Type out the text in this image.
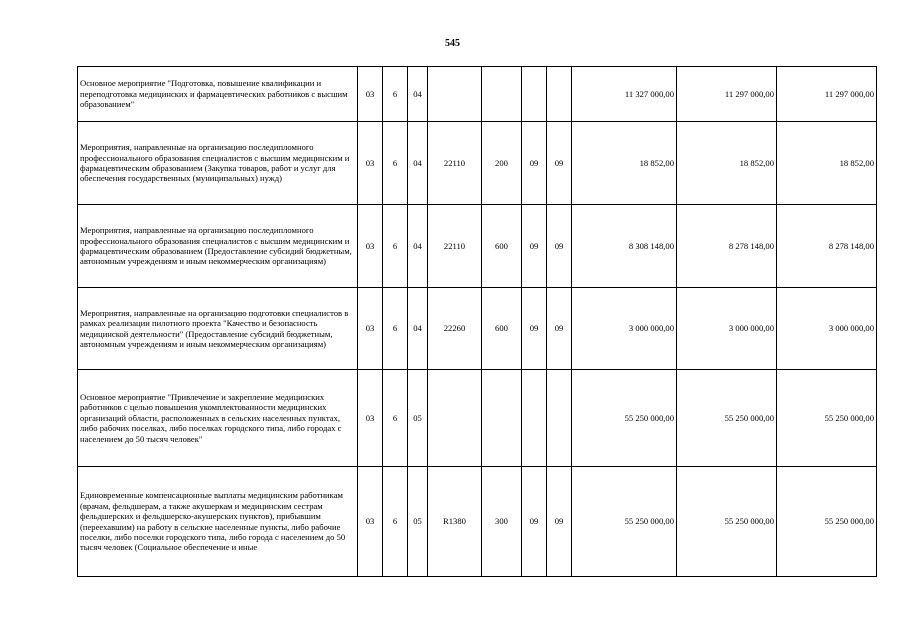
545
Основное мероприятие "Подготовка, повышение квалификации и переподготовка медицинских и фармацевтических работников с высшим образованием"	03	6	04					11 327 000,00	11 297 000,00	11 297 000,00
Мероприятия, направленные на организацию последипломного профессионального образования специалистов с высшим медицинским и фармацевтическим образованием (Закупка товаров, работ и услуг для обеспечения государственных (муниципальных) нужд)	03	6	04	22110	200	09	09	18 852,00	18 852,00	18 852,00
Мероприятия, направленные на организацию последипломного профессионального образования специалистов с высшим медицинским и фармацевтическим образованием (Предоставление субсидий бюджетным, автономным учреждениям и иным некоммерческим организациям)	03	6	04	22110	600	09	09	8 308 148,00	8 278 148,00	8 278 148,00
Мероприятия, направленные на организацию подготовки специалистов в рамках реализации пилотного проекта "Качество и безопасность медицинской деятельности" (Предоставление субсидий бюджетным, автономным учреждениям и иным некоммерческим организациям)	03	6	04	22260	600	09	09	3 000 000,00	3 000 000,00	3 000 000,00
Основное мероприятие "Привлечение и закрепление медицинских работников с целью повышения укомплектованности медицинских организаций области, расположенных в сельских населенных пунктах, либо рабочих поселках, либо поселках городского типа, либо городах с населением до 50 тысяч человек"	03	6	05					55 250 000,00	55 250 000,00	55 250 000,00
Единовременные компенсационные выплаты медицинским работникам (врачам, фельдшерам, а также акушеркам и медицинским сестрам фельдшерских и фельдшерско-акушерских пунктов), прибывшим (переехавшим) на работу в сельские населенные пункты, либо рабочие поселки, либо поселки городского типа, либо города с населением до 50 тысяч человек (Социальное обеспечение и иные	03	6	05	R1380	300	09	09	55 250 000,00	55 250 000,00	55 250 000,00
